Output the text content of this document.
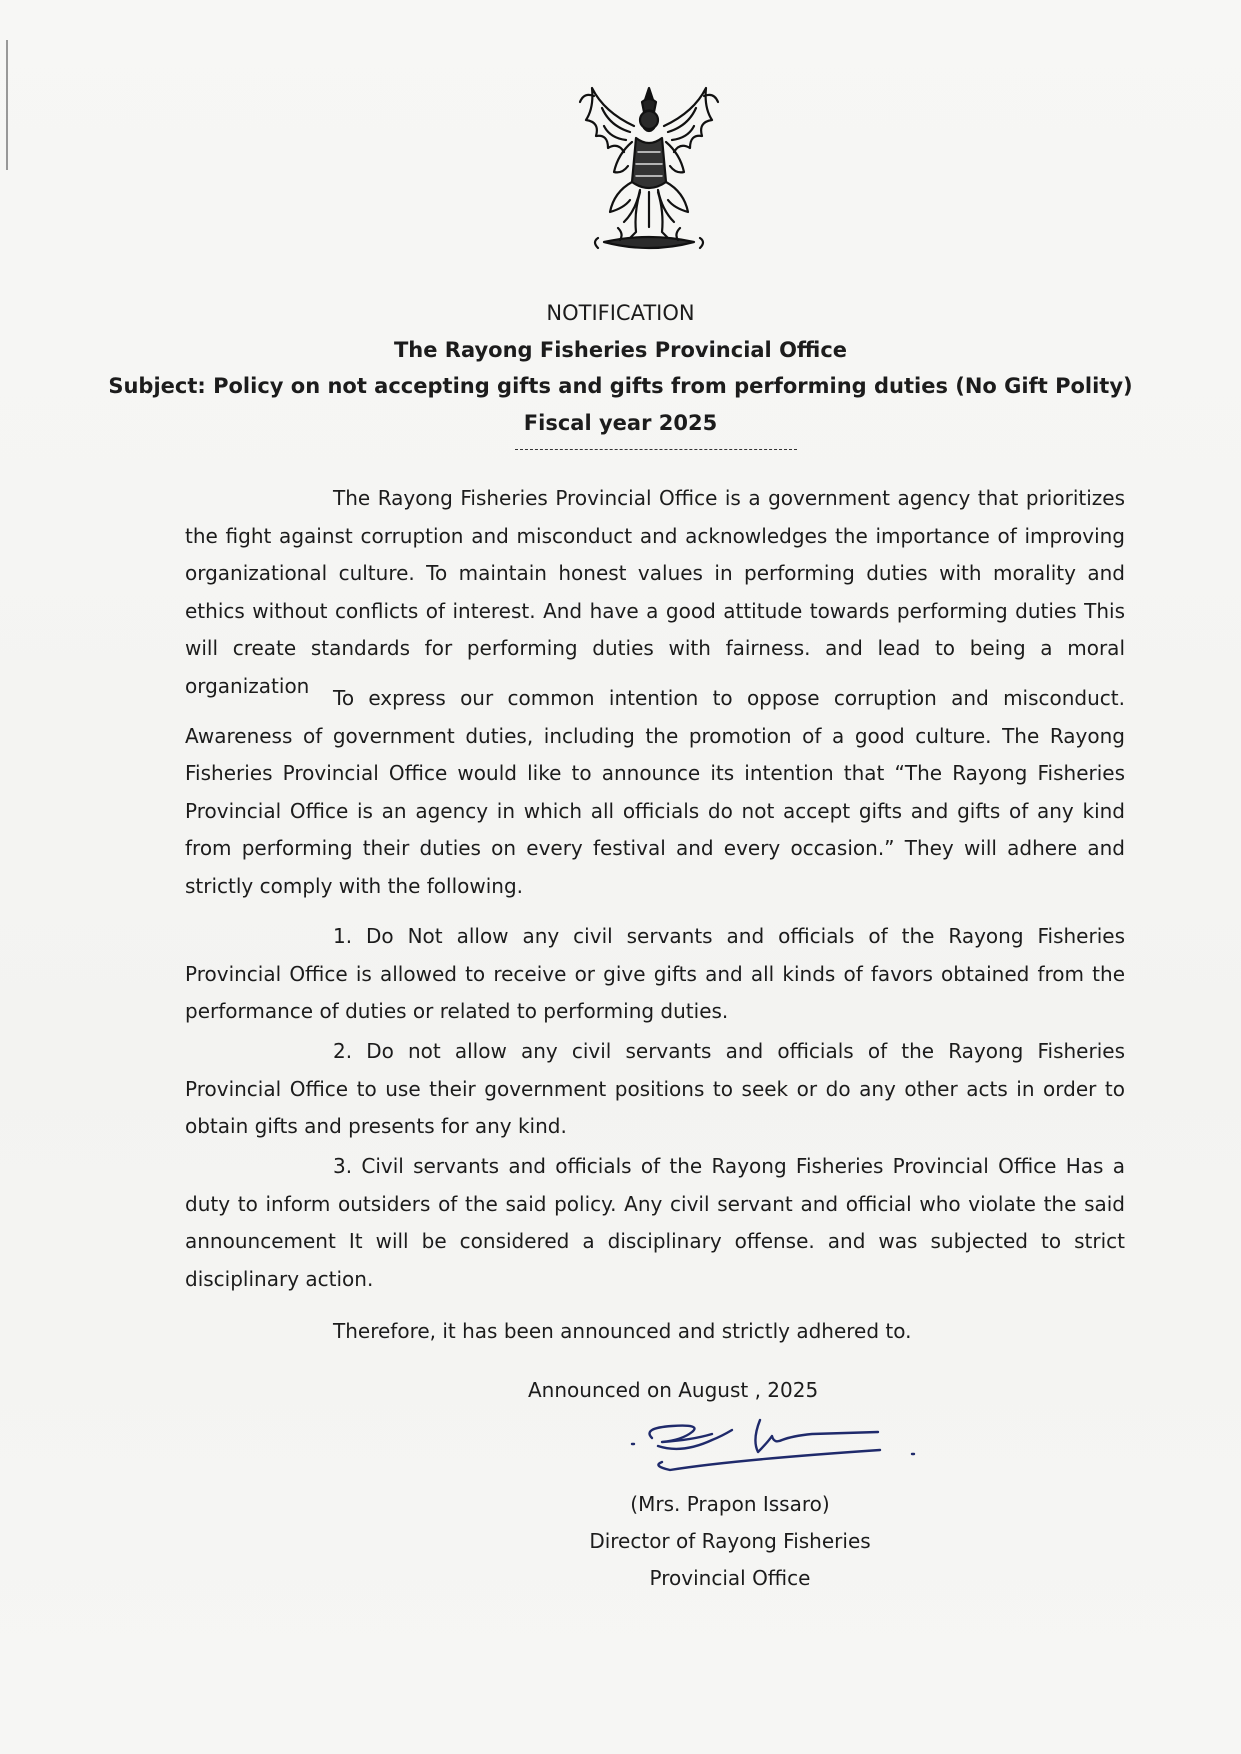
NOTIFICATION
The Rayong Fisheries Provincial Office
Subject: Policy on not accepting gifts and gifts from performing duties (No Gift Polity)
Fiscal year 2025
The Rayong Fisheries Provincial Office is a government agency that prioritizes the fight against corruption and misconduct and acknowledges the importance of improving organizational culture. To maintain honest values in performing duties with morality and ethics without conflicts of interest. And have a good attitude towards performing duties This will create standards for performing duties with fairness. and lead to being a moral organization
To express our common intention to oppose corruption and misconduct. Awareness of government duties, including the promotion of a good culture. The Rayong Fisheries Provincial Office would like to announce its intention that “The Rayong Fisheries Provincial Office is an agency in which all officials do not accept gifts and gifts of any kind from performing their duties on every festival and every occasion.” They will adhere and strictly comply with the following.
1. Do Not allow any civil servants and officials of the Rayong Fisheries Provincial Office is allowed to receive or give gifts and all kinds of favors obtained from the performance of duties or related to performing duties.
2. Do not allow any civil servants and officials of the Rayong Fisheries Provincial Office to use their government positions to seek or do any other acts in order to obtain gifts and presents for any kind.
3. Civil servants and officials of the Rayong Fisheries Provincial Office Has a duty to inform outsiders of the said policy. Any civil servant and official who violate the said announcement It will be considered a disciplinary offense. and was subjected to strict disciplinary action.
Therefore, it has been announced and strictly adhered to.
Announced on August , 2025
(Mrs. Prapon Issaro)
Director of Rayong Fisheries
Provincial Office
